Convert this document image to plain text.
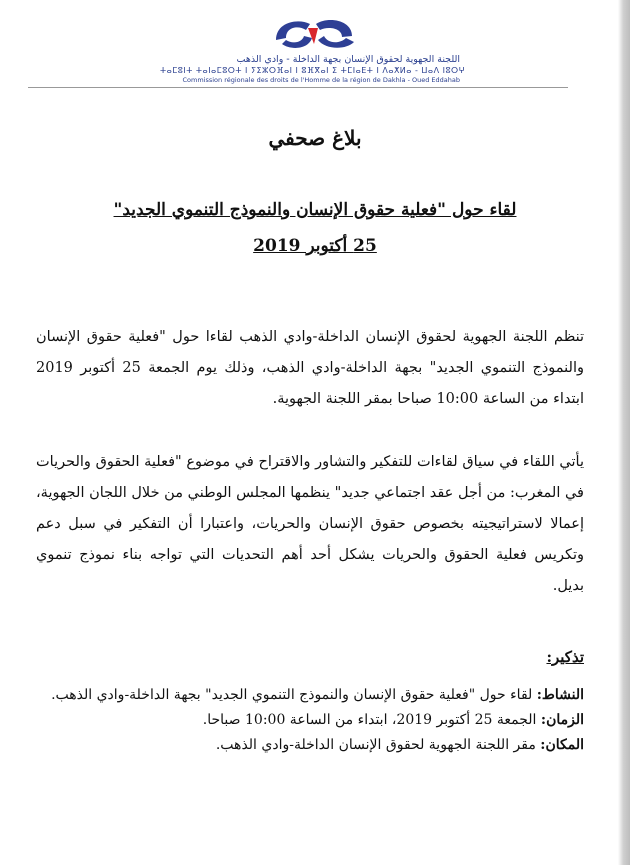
اللجنة الجهوية لحقوق الإنسان بجهة الداخلة - وادي الذهب
ⵜⴰⵎⵓⵏⵜ ⵜⴰⵏⴰⵎⵓⵔⵜ ⵏ ⵢⵉⵣⵔⴼⴰⵏ ⵏ ⵓⴼⴳⴰⵏ ⵉ ⵜⵎⵏⴰⴹⵜ ⵏ ⴷⴰⵅⵍⴰ - ⵡⴰⴷ ⵏⵓⵔⵖ
Commission régionale des droits de l'Homme de la région de Dakhla - Oued Eddahab
بلاغ صحفي
لقاء حول "فعلية حقوق الإنسان والنموذج التنموي الجديد"
25 أكتوبر 2019
تنظم اللجنة الجهوية لحقوق الإنسان الداخلة-وادي الذهب لقاءا حول "فعلية حقوق الإنسان والنموذج التنموي الجديد" بجهة الداخلة-وادي الذهب، وذلك يوم الجمعة 25 أكتوبر 2019 ابتداء من الساعة 10:00 صباحا بمقر اللجنة الجهوية.
يأتي اللقاء في سياق لقاءات للتفكير والتشاور والاقتراح في موضوع "فعلية الحقوق والحريات في المغرب: من أجل عقد اجتماعي جديد" ينظمها المجلس الوطني من خلال اللجان الجهوية، إعمالا لاستراتيجيته بخصوص حقوق الإنسان والحريات، واعتبارا أن التفكير في سبل دعم وتكريس فعلية الحقوق والحريات يشكل أحد أهم التحديات التي تواجه بناء نموذج تنموي بديل.
تذكير:
النشاط: لقاء حول "فعلية حقوق الإنسان والنموذج التنموي الجديد" بجهة الداخلة-وادي الذهب.
الزمان: الجمعة 25 أكتوبر 2019، ابتداء من الساعة 10:00 صباحا.
المكان: مقر اللجنة الجهوية لحقوق الإنسان الداخلة-وادي الذهب.
